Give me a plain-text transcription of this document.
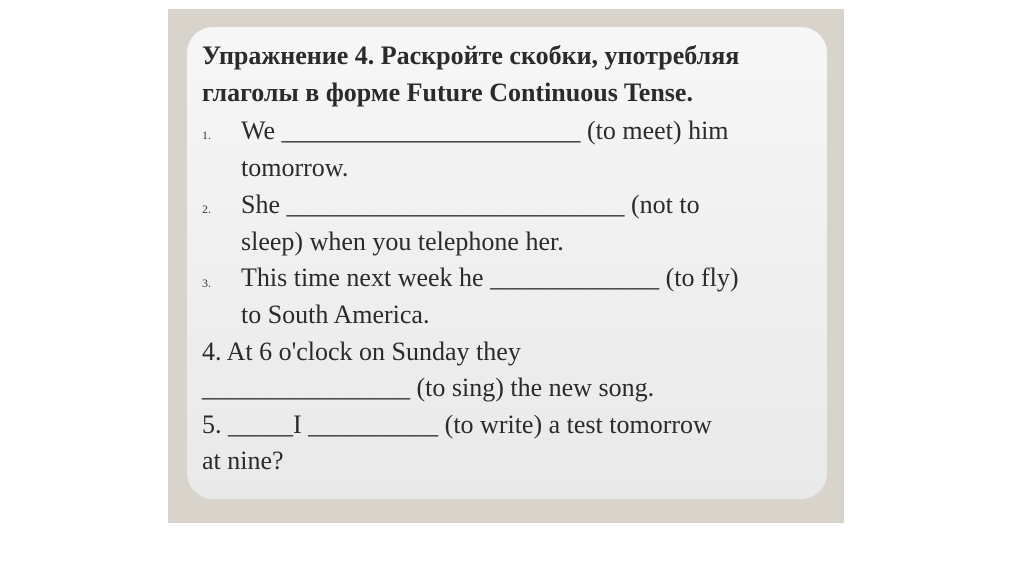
Упражнение 4. Раскройте скобки, употребляя
глаголы в форме Future Continuous Tense.
1. We _______________________ (to meet) him
tomorrow.
2. She __________________________ (not to
sleep) when you telephone her.
3. This time next week he _____________ (to fly)
to South America.
4. At 6 o'clock on Sunday they
________________ (to sing) the new song.
5. _____I __________ (to write) a test tomorrow
at nine?
